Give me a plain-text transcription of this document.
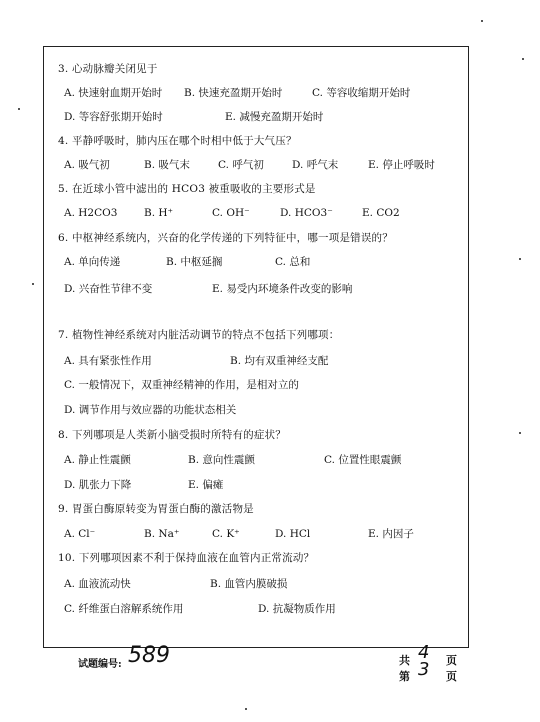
3. 心动脉瓣关闭见于
A. 快速射血期开始时 B. 快速充盈期开始时	C. 等容收缩期开始时
D. 等容舒张期开始时	E. 减慢充盈期开始时
4. 平静呼吸时，肺内压在哪个时相中低于大气压？
A. 吸气初	B. 吸气末	C. 呼气初	D. 呼气末	E. 停止呼吸时
5. 在近球小管中滤出的 HCO3 被重吸收的主要形式是
A. H2CO3	B. H⁺	C. OH⁻	D. HCO3⁻	E. CO2
6. 中枢神经系统内，兴奋的化学传递的下列特征中，哪一项是错误的？
A. 单向传递	B. 中枢延搁	C. 总和
D. 兴奋性节律不变	E. 易受内环境条件改变的影响
7. 植物性神经系统对内脏活动调节的特点不包括下列哪项：
A. 具有紧张性作用	B. 均有双重神经支配
C. 一般情况下，双重神经精神的作用，是相对立的
D. 调节作用与效应器的功能状态相关
8. 下列哪项是人类新小脑受损时所特有的症状？
A. 静止性震颤	B. 意向性震颤	C. 位置性眼震颤
D. 肌张力下降	E. 偏瘫
9. 胃蛋白酶原转变为胃蛋白酶的激活物是
A. Cl⁻	B. Na⁺	C. K⁺	D. HCl	E. 内因子
10. 下列哪项因素不利于保持血液在血管内正常流动？
A. 血液流动快	B. 血管内膜破损
C. 纤维蛋白溶解系统作用	D. 抗凝物质作用
试题编号: 589	共 4 页
第 3 页
